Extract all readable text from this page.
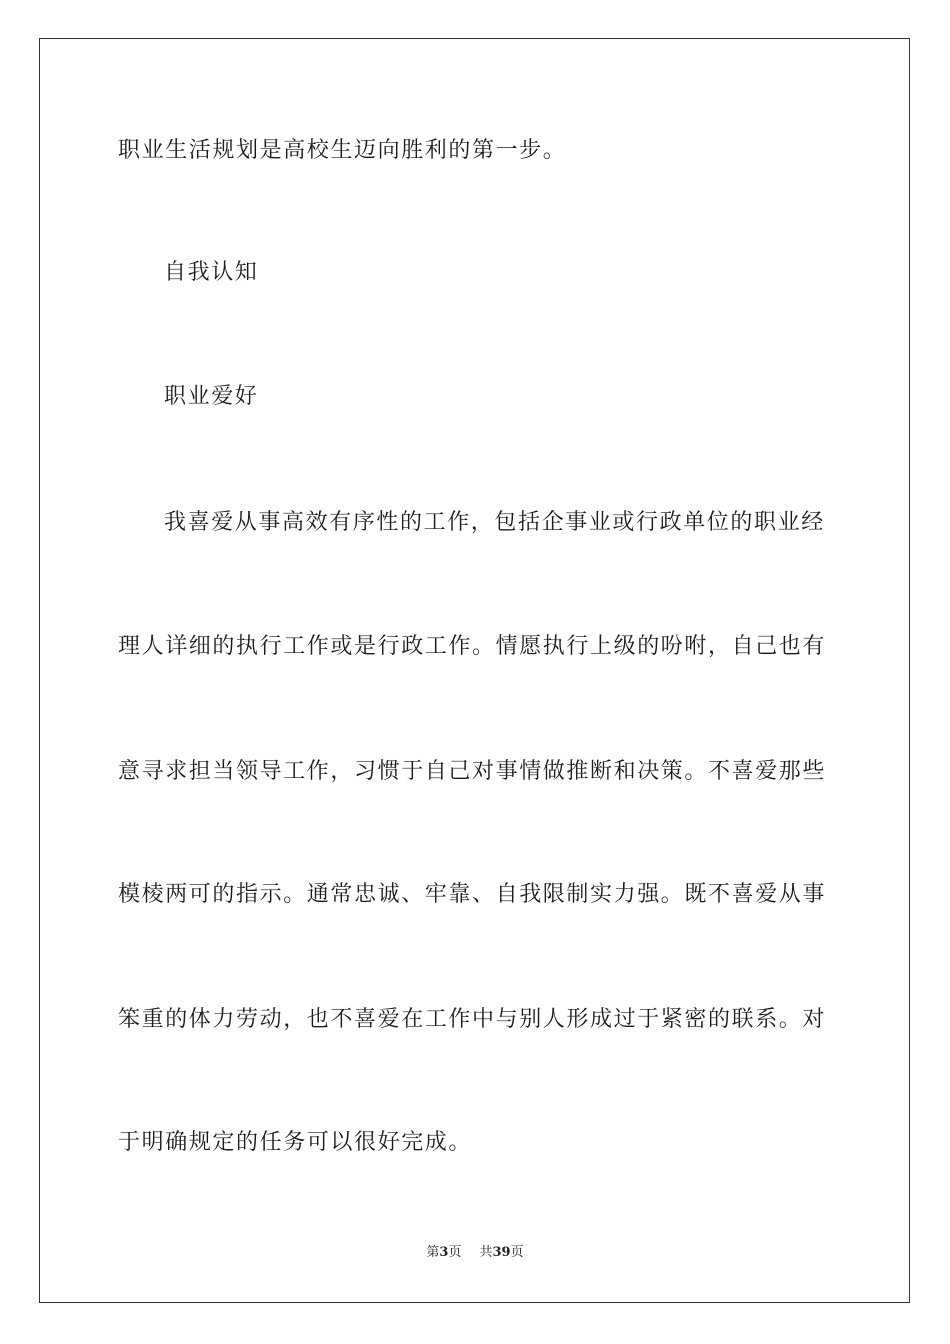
职业生活规划是高校生迈向胜利的第一步。
自我认知
职业爱好
我喜爱从事高效有序性的工作，包括企事业或行政单位的职业经
理人详细的执行工作或是行政工作。情愿执行上级的吩咐，自己也有
意寻求担当领导工作，习惯于自己对事情做推断和决策。不喜爱那些
模棱两可的指示。通常忠诚、牢靠、自我限制实力强。既不喜爱从事
笨重的体力劳动，也不喜爱在工作中与别人形成过于紧密的联系。对
于明确规定的任务可以很好完成。
第3页 共39页
